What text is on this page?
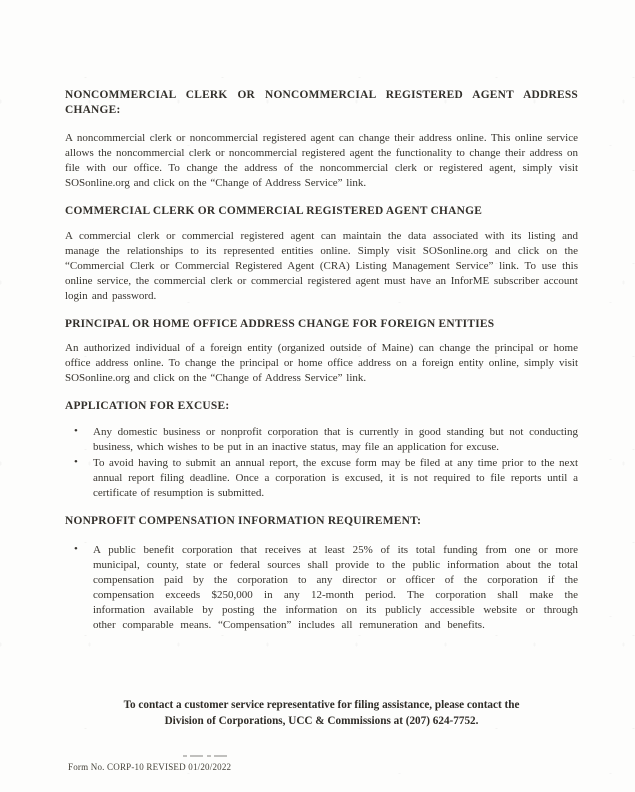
NONCOMMERCIAL CLERK OR NONCOMMERCIAL REGISTERED AGENT ADDRESS CHANGE:

A noncommercial clerk or noncommercial registered agent can change their address online. This online service allows the noncommercial clerk or noncommercial registered agent the functionality to change their address on file with our office. To change the address of the noncommercial clerk or registered agent, simply visit SOSonline.org and click on the “Change of Address Service” link.

COMMERCIAL CLERK OR COMMERCIAL REGISTERED AGENT CHANGE

A commercial clerk or commercial registered agent can maintain the data associated with its listing and manage the relationships to its represented entities online. Simply visit SOSonline.org and click on the “Commercial Clerk or Commercial Registered Agent (CRA) Listing Management Service” link. To use this online service, the commercial clerk or commercial registered agent must have an InforME subscriber account login and password.

PRINCIPAL OR HOME OFFICE ADDRESS CHANGE FOR FOREIGN ENTITIES

An authorized individual of a foreign entity (organized outside of Maine) can change the principal or home office address online. To change the principal or home office address on a foreign entity online, simply visit SOSonline.org and click on the “Change of Address Service” link.

APPLICATION FOR EXCUSE:
• Any domestic business or nonprofit corporation that is currently in good standing but not conducting business, which wishes to be put in an inactive status, may file an application for excuse.
• To avoid having to submit an annual report, the excuse form may be filed at any time prior to the next annual report filing deadline. Once a corporation is excused, it is not required to file reports until a certificate of resumption is submitted.
NONPROFIT COMPENSATION INFORMATION REQUIREMENT:
• A public benefit corporation that receives at least 25% of its total funding from one or more municipal, county, state or federal sources shall provide to the public information about the total compensation paid by the corporation to any director or officer of the corporation if the compensation exceeds $250,000 in any 12-month period. The corporation shall make the information available by posting the information on its publicly accessible website or through other comparable means. “Compensation” includes all remuneration and benefits.
To contact a customer service representative for filing assistance, please contact the
Division of Corporations, UCC & Commissions at (207) 624-7752.
Form No. CORP-10 REVISED 01/20/2022
